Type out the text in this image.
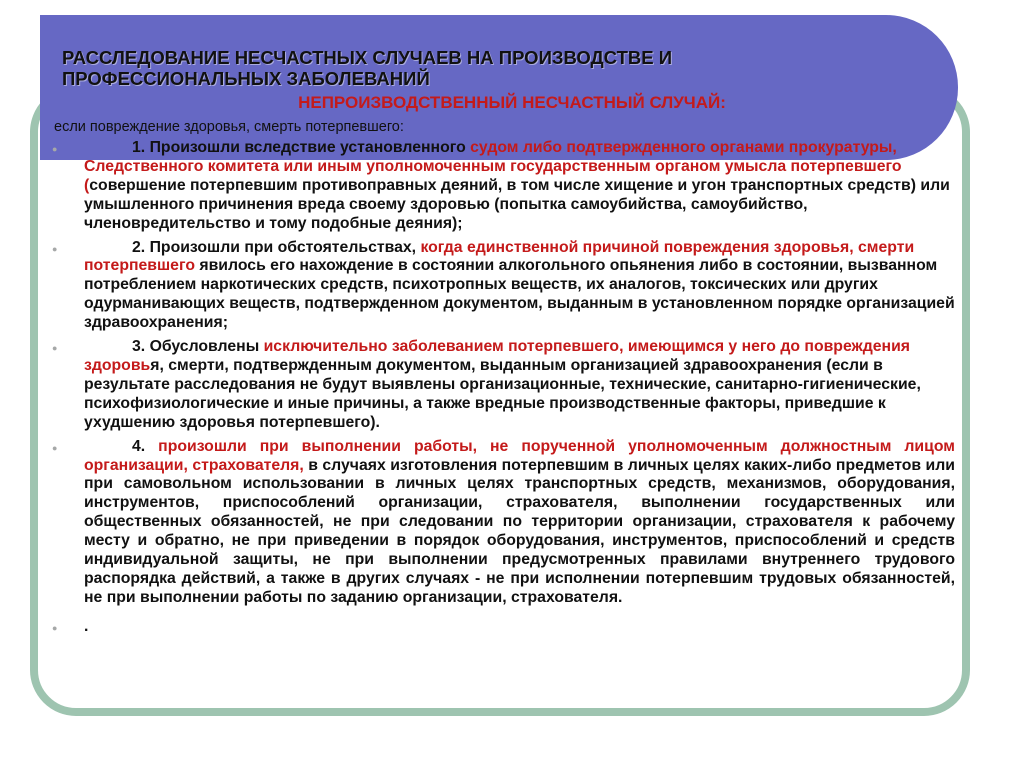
РАССЛЕДОВАНИЕ НЕСЧАСТНЫХ СЛУЧАЕВ НА ПРОИЗВОДСТВЕ И
ПРОФЕССИОНАЛЬНЫХ ЗАБОЛЕВАНИЙ
НЕПРОИЗВОДСТВЕННЫЙ НЕСЧАСТНЫЙ СЛУЧАЙ:

если повреждение здоровья, смерть потерпевшего:

● 1. Произошли вследствие установленного судом либо подтвержденного органами прокуратуры, Следственного комитета или иным уполномоченным государственным органом умысла потерпевшего (совершение потерпевшим противоправных деяний, в том числе хищение и угон транспортных средств) или умышленного причинения вреда своему здоровью (попытка самоубийства, самоубийство, членовредительство и тому подобные деяния);
● 2. Произошли при обстоятельствах, когда единственной причиной повреждения здоровья, смерти потерпевшего явилось его нахождение в состоянии алкогольного опьянения либо в состоянии, вызванном потреблением наркотических средств, психотропных веществ, их аналогов, токсических или других одурманивающих веществ, подтвержденном документом, выданным в установленном порядке организацией здравоохранения;
● 3. Обусловлены исключительно заболеванием потерпевшего, имеющимся у него до повреждения здоровья, смерти, подтвержденным документом, выданным организацией здравоохранения (если в результате расследования не будут выявлены организационные, технические, санитарно-гигиенические, психофизиологические и иные причины, а также вредные производственные факторы, приведшие к ухудшению здоровья потерпевшего).
● 4. произошли при выполнении работы, не порученной уполномоченным должностным лицом организации, страхователя, в случаях изготовления потерпевшим в личных целях каких-либо предметов или при самовольном использовании в личных целях транспортных средств, механизмов, оборудования, инструментов, приспособлений организации, страхователя, выполнении государственных или общественных обязанностей, не при следовании по территории организации, страхователя к рабочему месту и обратно, не при приведении в порядок оборудования, инструментов, приспособлений и средств индивидуальной защиты, не при выполнении предусмотренных правилами внутреннего трудового распорядка действий, а также в других случаях - не при исполнении потерпевшим трудовых обязанностей, не при выполнении работы по заданию организации, страхователя.
● .
